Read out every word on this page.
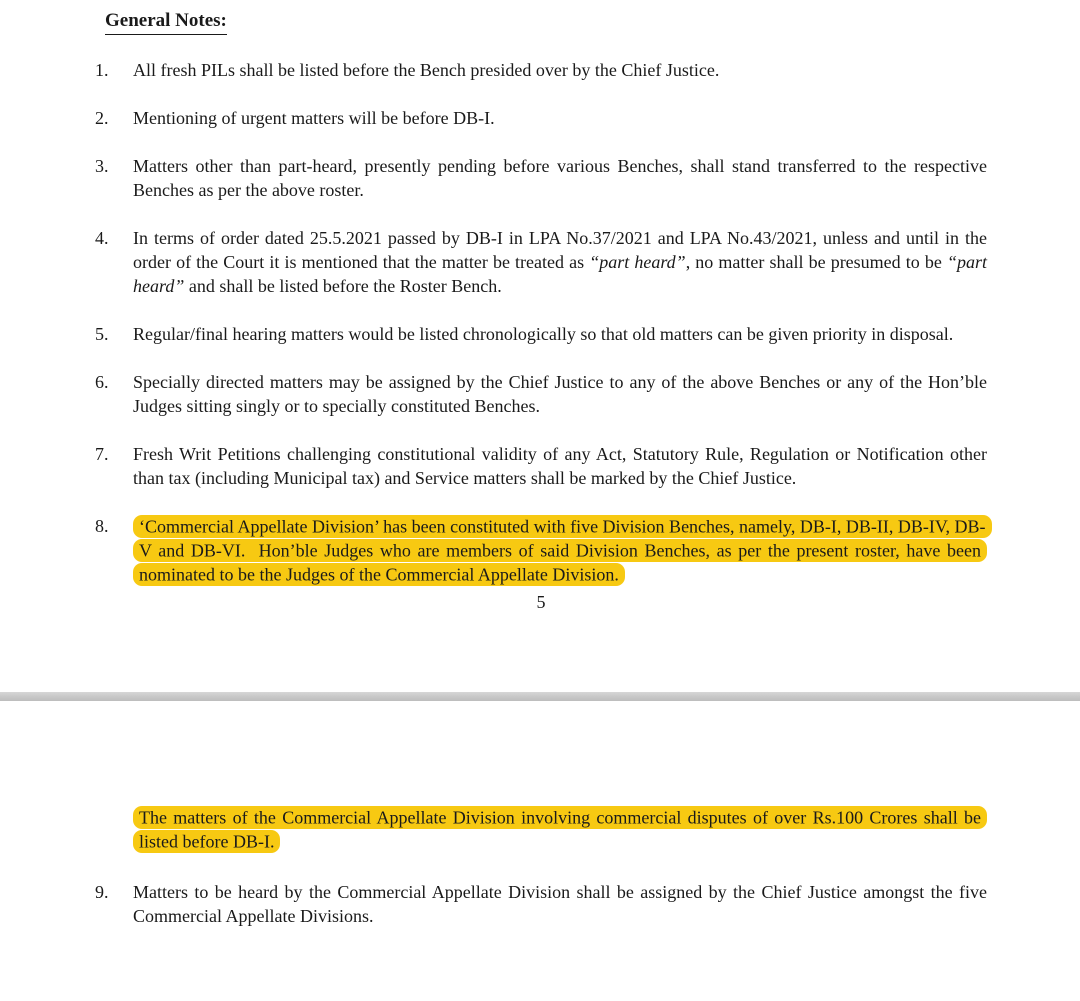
General Notes:
1.	All fresh PILs shall be listed before the Bench presided over by the Chief Justice.
2.	Mentioning of urgent matters will be before DB-I.
3.	Matters other than part-heard, presently pending before various Benches, shall stand transferred to the respective Benches as per the above roster.
4.	In terms of order dated 25.5.2021 passed by DB-I in LPA No.37/2021 and LPA No.43/2021, unless and until in the order of the Court it is mentioned that the matter be treated as “part heard”, no matter shall be presumed to be “part heard” and shall be listed before the Roster Bench.
5.	Regular/final hearing matters would be listed chronologically so that old matters can be given priority in disposal.
6.	Specially directed matters may be assigned by the Chief Justice to any of the above Benches or any of the Hon’ble Judges sitting singly or to specially constituted Benches.
7.	Fresh Writ Petitions challenging constitutional validity of any Act, Statutory Rule, Regulation or Notification other than tax (including Municipal tax) and Service matters shall be marked by the Chief Justice.
8.	‘Commercial Appellate Division’ has been constituted with five Division Benches, namely, DB-I, DB-II, DB-IV, DB-V and DB-VI.  Hon’ble Judges who are members of said Division Benches, as per the present roster, have been nominated to be the Judges of the Commercial Appellate Division.
5
The matters of the Commercial Appellate Division involving commercial disputes of over Rs.100 Crores shall be listed before DB-I.
9.	Matters to be heard by the Commercial Appellate Division shall be assigned by the Chief Justice amongst the five Commercial Appellate Divisions.
